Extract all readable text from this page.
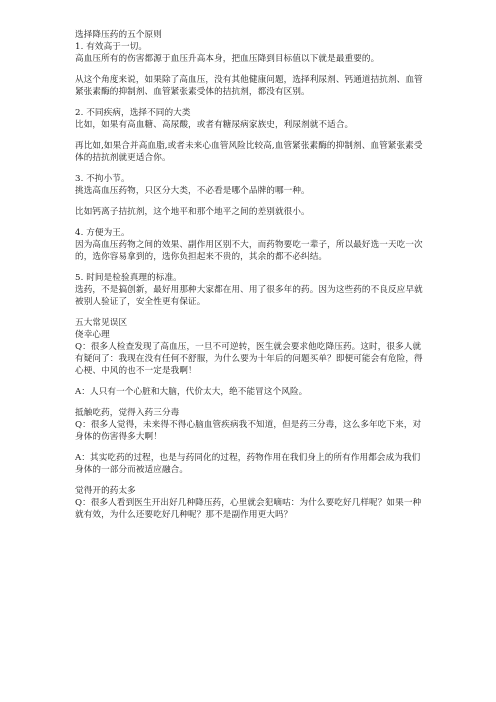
选择降压药的五个原则

1. 有效高于一切。

高血压所有的伤害都源于血压升高本身，把血压降到目标值以下就是最重要的。

从这个角度来说，如果除了高血压，没有其他健康问题，选择利尿剂、钙通道拮抗剂、血管紧张素酶的抑制剂、血管紧张素受体的拮抗剂，都没有区别。

2. 不同疾病，选择不同的大类

比如，如果有高血糖、高尿酸，或者有糖尿病家族史，利尿剂就不适合。

再比如,如果合并高血脂,或者未来心血管风险比较高,血管紧张素酶的抑制剂、血管紧张素受体的拮抗剂就更适合你。

3. 不拘小节。

挑选高血压药物，只区分大类，不必看是哪个品牌的哪一种。

比如钙离子拮抗剂，这个地平和那个地平之间的差别就很小。

4. 方便为王。

因为高血压药物之间的效果、副作用区别不大，而药物要吃一辈子，所以最好选一天吃一次的，选你容易拿到的，选你负担起来不贵的，其余的都不必纠结。

5. 时间是检验真理的标准。

选药，不是搞创新，最好用那种大家都在用、用了很多年的药。因为这些药的不良反应早就被别人验证了，安全性更有保证。

五大常见误区

侥幸心理

Q：很多人检查发现了高血压，一旦不可逆转，医生就会要求他吃降压药。这时，很多人就有疑问了：我现在没有任何不舒服，为什么要为十年后的问题买单？即便可能会有危险，得心梗、中风的也不一定是我啊！

A：人只有一个心脏和大脑，代价太大，绝不能冒这个风险。

抵触吃药，觉得入药三分毒

Q：很多人觉得，未来得不得心脑血管疾病我不知道，但是药三分毒，这么多年吃下来，对身体的伤害得多大啊！

A：其实吃药的过程，也是与药同化的过程，药物作用在我们身上的所有作用都会成为我们身体的一部分而被适应融合。

觉得开的药太多

Q：很多人看到医生开出好几种降压药，心里就会犯嘀咕：为什么要吃好几样呢？如果一种就有效，为什么还要吃好几种呢？那不是副作用更大吗？
